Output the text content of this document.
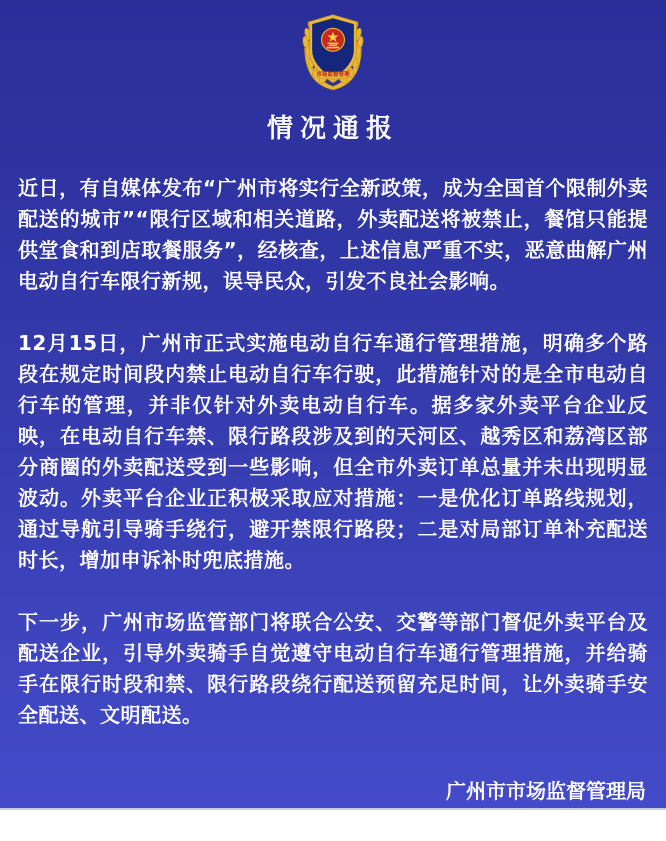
市场监督管理
情况通报

近日，有自媒体发布“广州市将实行全新政策，成为全国首个限制外卖配送的城市”“限行区域和相关道路，外卖配送将被禁止，餐馆只能提供堂食和到店取餐服务”，经核查，上述信息严重不实，恶意曲解广州电动自行车限行新规，误导民众，引发不良社会影响。

12月15日，广州市正式实施电动自行车通行管理措施，明确多个路段在规定时间段内禁止电动自行车行驶，此措施针对的是全市电动自行车的管理，并非仅针对外卖电动自行车。据多家外卖平台企业反映，在电动自行车禁、限行路段涉及到的天河区、越秀区和荔湾区部分商圈的外卖配送受到一些影响，但全市外卖订单总量并未出现明显波动。外卖平台企业正积极采取应对措施：一是优化订单路线规划，通过导航引导骑手绕行，避开禁限行路段；二是对局部订单补充配送时长，增加申诉补时兜底措施。

下一步，广州市场监管部门将联合公安、交警等部门督促外卖平台及配送企业，引导外卖骑手自觉遵守电动自行车通行管理措施，并给骑手在限行时段和禁、限行路段绕行配送预留充足时间，让外卖骑手安全配送、文明配送。

广州市市场监督管理局
2023年12月23日
